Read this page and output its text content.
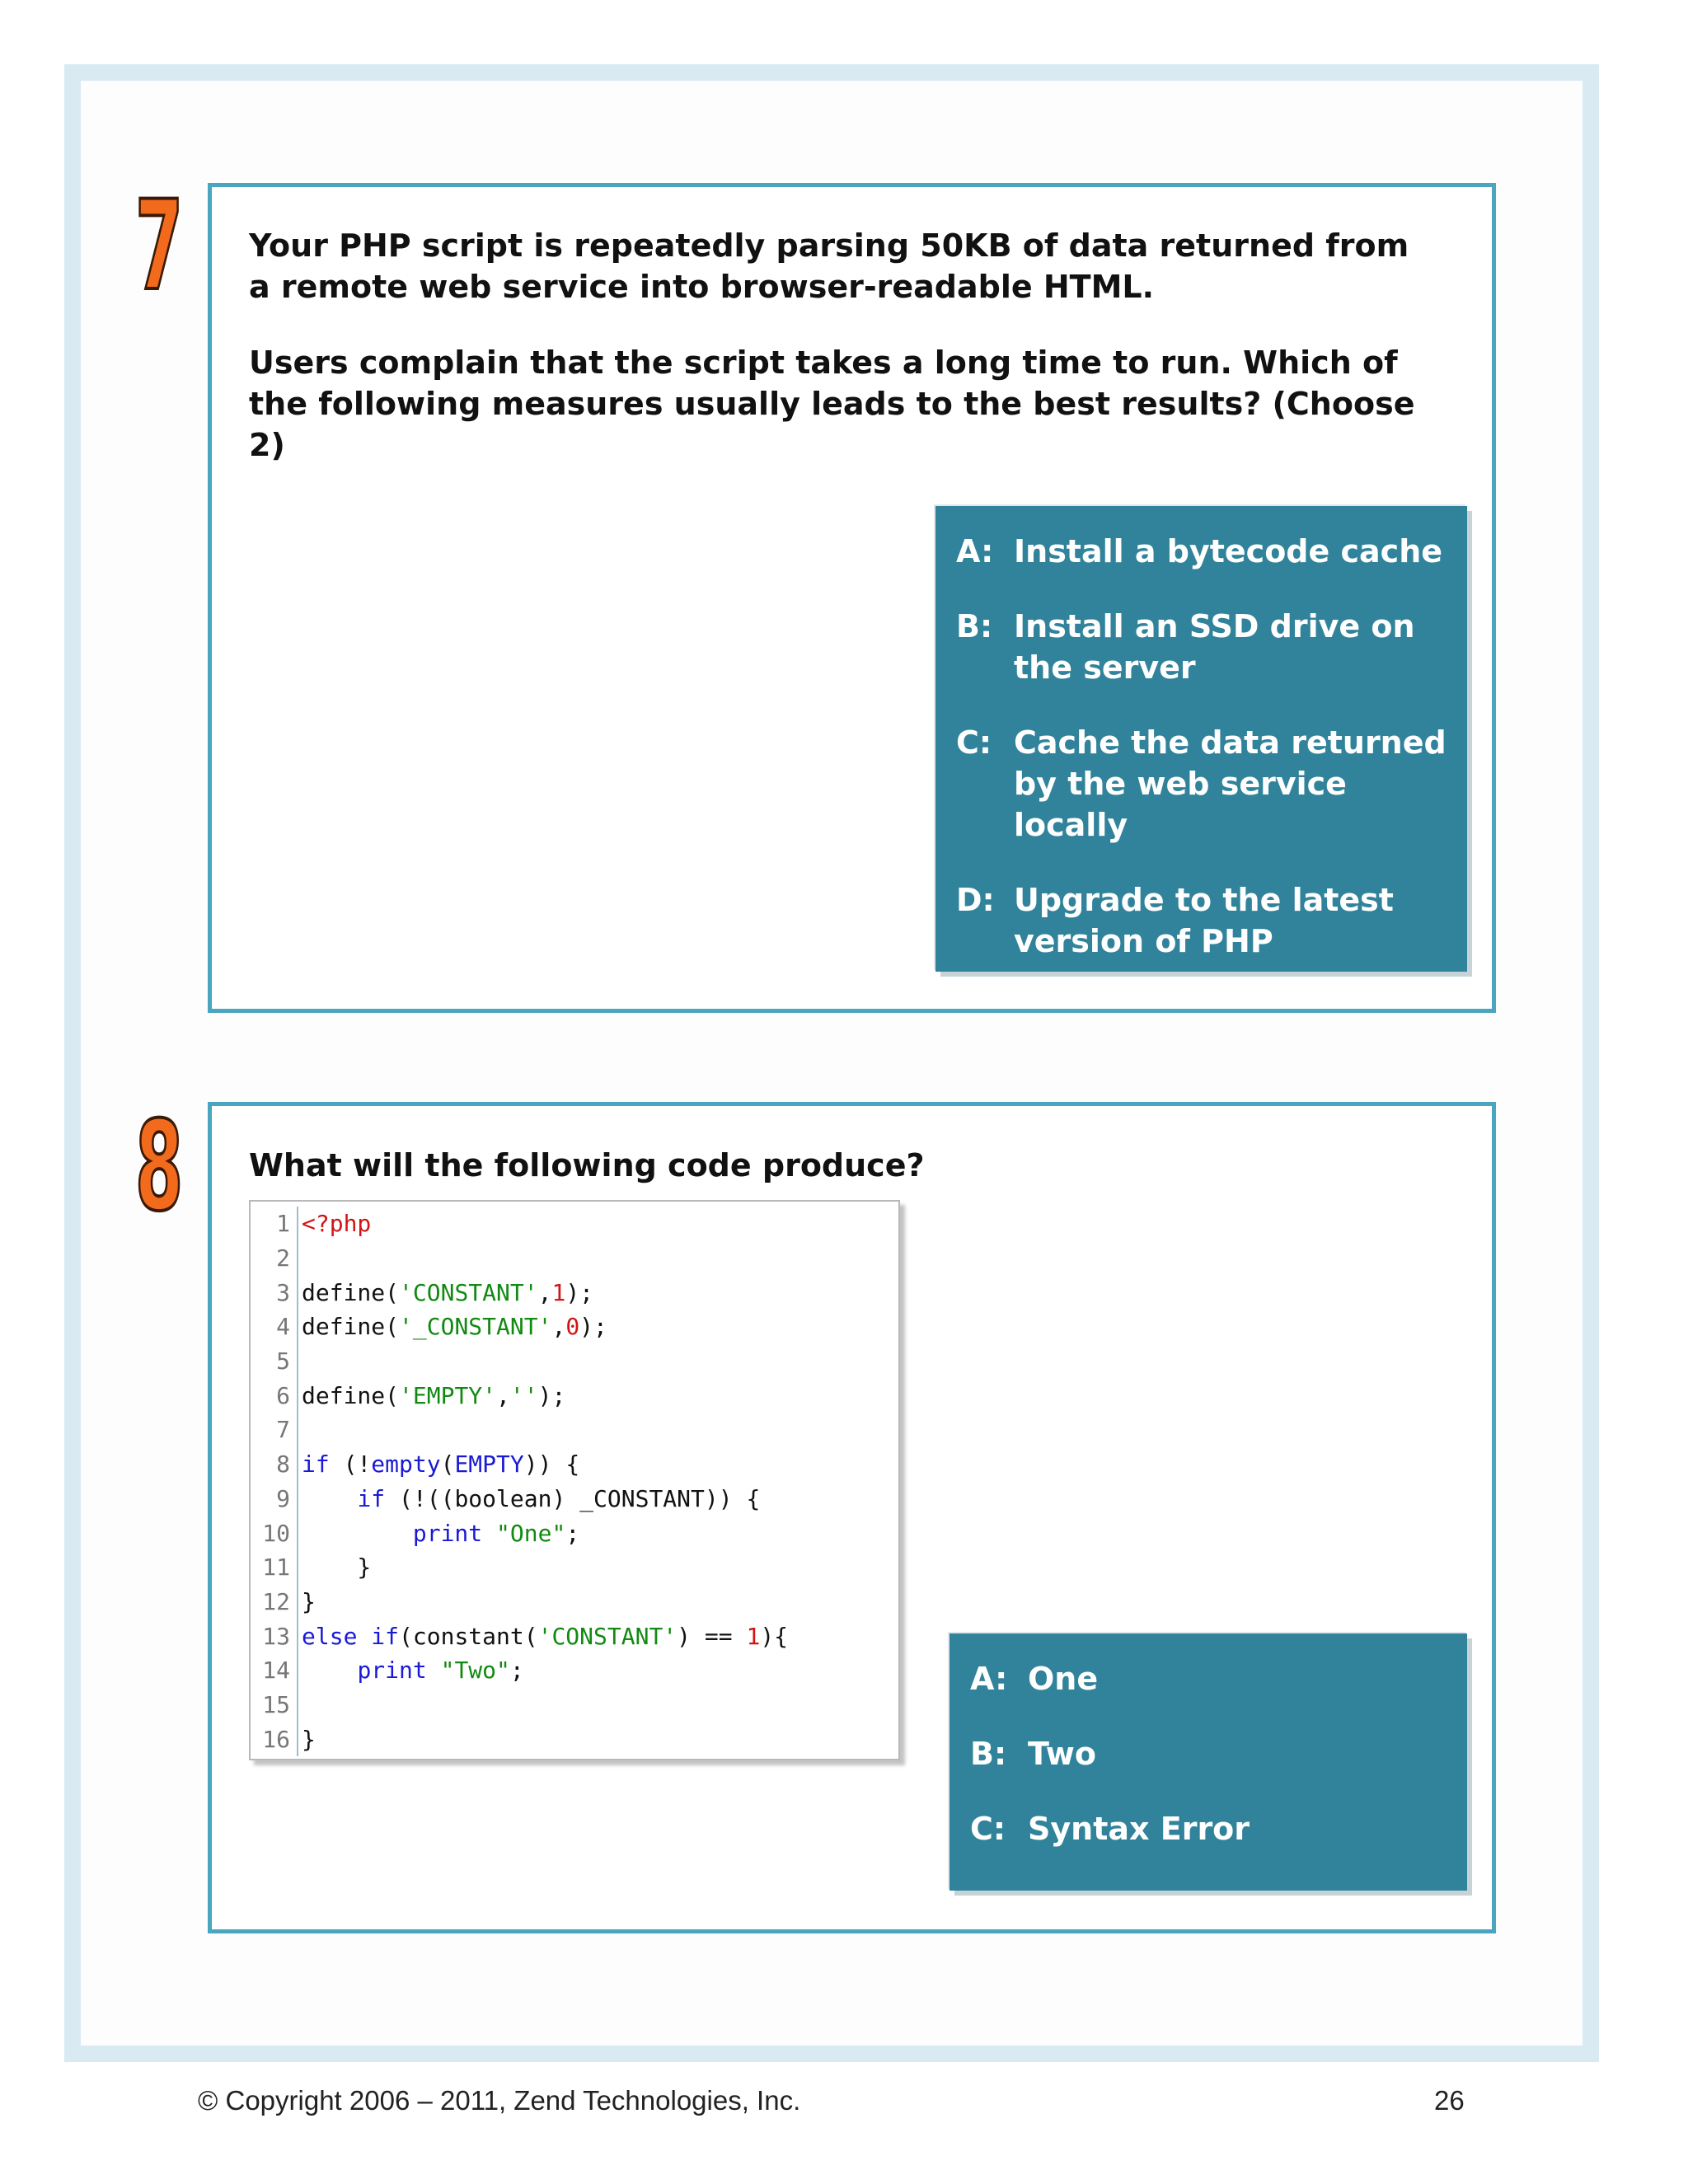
7 Your PHP script is repeatedly parsing 50KB of data returned from a remote web service into browser-readable HTML.

Users complain that the script takes a long time to run. Which of the following measures usually leads to the best results? (Choose 2)

A: Install a bytecode cache
B: Install an SSD drive on the server
C: Cache the data returned by the web service locally
D: Upgrade to the latest version of PHP
8 What will the following code produce?

1 <?php
2
3 define('CONSTANT',1);
4 define('_CONSTANT',0);
5
6 define('EMPTY','');
7
8 if (!empty(EMPTY)) {
9	if (!((boolean) _CONSTANT)) {
10	print "One";
11 }
12 }
13 else if(constant('CONSTANT') == 1){
14	print "Two";
15
16 }
A: One
B: Two
C: Syntax Error
© Copyright 2006 – 2011, Zend Technologies, Inc.	26
